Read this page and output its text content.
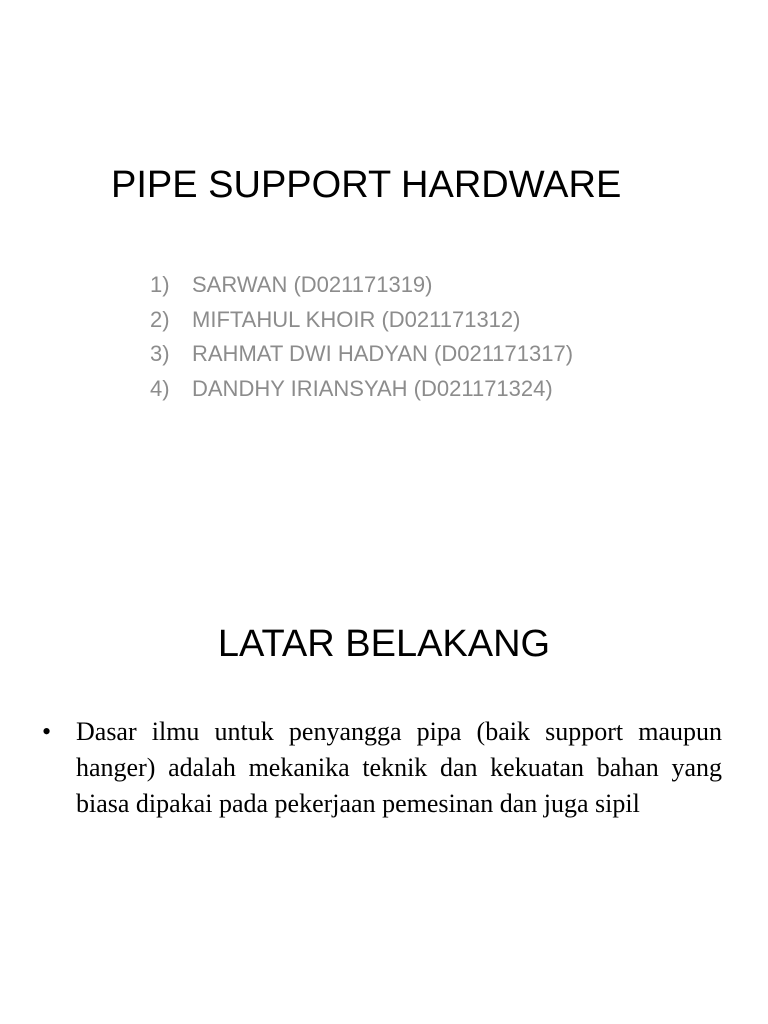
PIPE SUPPORT HARDWARE
1) SARWAN (D021171319)
2) MIFTAHUL KHOIR (D021171312)
3) RAHMAT DWI HADYAN (D021171317)
4) DANDHY IRIANSYAH (D021171324)
LATAR BELAKANG
• Dasar ilmu untuk penyangga pipa (baik support maupun hanger) adalah mekanika teknik dan kekuatan bahan yang biasa dipakai pada pekerjaan pemesinan dan juga sipil
